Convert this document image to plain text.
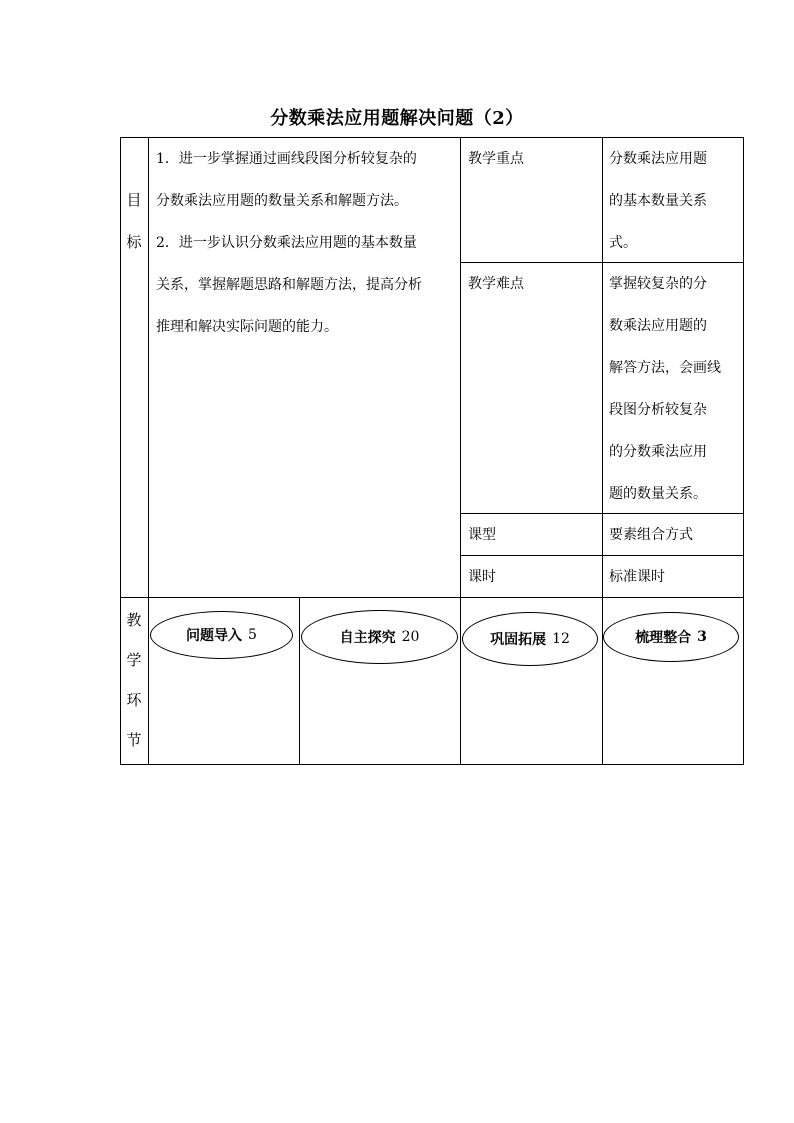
分数乘法应用题解决问题（2）
目
标
1．进一步掌握通过画线段图分析较复杂的
分数乘法应用题的数量关系和解题方法。
2．进一步认识分数乘法应用题的基本数量
关系，掌握解题思路和解题方法，提高分析
推理和解决实际问题的能力。
教学重点	分数乘法应用题
的基本数量关系
式。
教学难点	掌握较复杂的分
数乘法应用题的
解答方法，会画线
段图分析较复杂
的分数乘法应用
题的数量关系。
课型	要素组合方式
课时	标准课时
教
学
环
节
问题导入 5	自主探究 20	巩固拓展 12	梳理整合 3
